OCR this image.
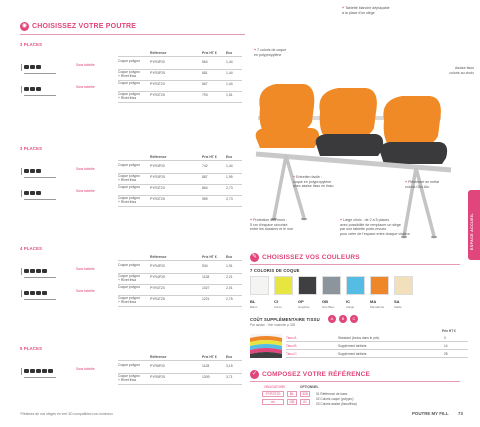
◉ CHOISISSEZ VOTRE POUTRE
3 PLACES
Référence	Prix HT €	Eco
Sans tablette
Coque polypro	PYR3P20	564	1,44
Coque polypro
+ Rivet frisa
PYR3P25	681	1,44
Sans tablette
Coque polypro	PYR3T20	667	1,44
Coque polypro
+ Rivet frisa
PYR3T25	793	1,51
3 PLACES
Référence	Prix HT €	Eco
Sans tablette
Coque polypro	PYR3P20	742	1,44
Coque polypro
+ Rivet frisa
PYR3P25	887	1,95
Sans tablette
Coque polypro	PYR3T20	864	2,73
Coque polypro
+ Rivet frisa
PYR3T25	989	2,73
4 PLACES
Référence	Prix HT €	Eco
Sans tablette
Coque polypro	PYR4P20	934	1,91
Coque polypro
+ Rivet frisa
PYR4P25	1128	2,21
Sans tablette
Coque polypro	PYR4T20	1027	2,01
Coque polypro
+ Rivet frisa
PYR4T25	1221	2,75
5 PLACES
Référence	Prix HT €	Eco
Sans tablette
Coque polypro	PYR5P20	1128	3,15
Coque polypro
+ Rivet frisa
PYR5P25	1309	3,71
+Tablette blanche déplaçable
à la place d'un siège
+7 coloris de coque
en polypropylène
Assise tissu
coloris au choix
+Entretien facile :
coque en polypropylène
avec assise tissu en tissu
+Piètement en métal
coloris Gris Alu
+Protection des murs :
5 cm d'espace sécurisé
entre les dossiers et le mur
+Large choix : de 2 à 5 places
avec possibilité de remplacer un siège
par une tablette porte-revues
pour créer de l'espace entre chaque visiteur	ESPACE ACCUEIL
✎ CHOISISSEZ VOS COULEURS
7 COLORIS DE COQUE
BL
Blanc
CI
Citron
GP
Graphite
GB
Gris Bleu
IC
Indigo
MA
Mandarine
SA
Sable
COÛT SUPPLÉMENTAIRE TISSU	A	B	C
Par assise - Voir nuancier p.328
Prix HT €
Tissu A	Standard (inclus dans le prix)	0
Tissu B	Supplément tarifaire	14
Tissu C	Supplément tarifaire	28
✓ COMPOSEZ VOTRE RÉFÉRENCE
OBLIGATOIRE	OPTIONNEL
PYR3T20	BL	328
ex	GB	01
01 Référence de base
02 Coloris coque (polypro)
03 Coloris assise (tissu/frisa)
*Réalisez de vos sièges en vert 3D compatibles non-lumineux	POUTRE MY FILL 73
